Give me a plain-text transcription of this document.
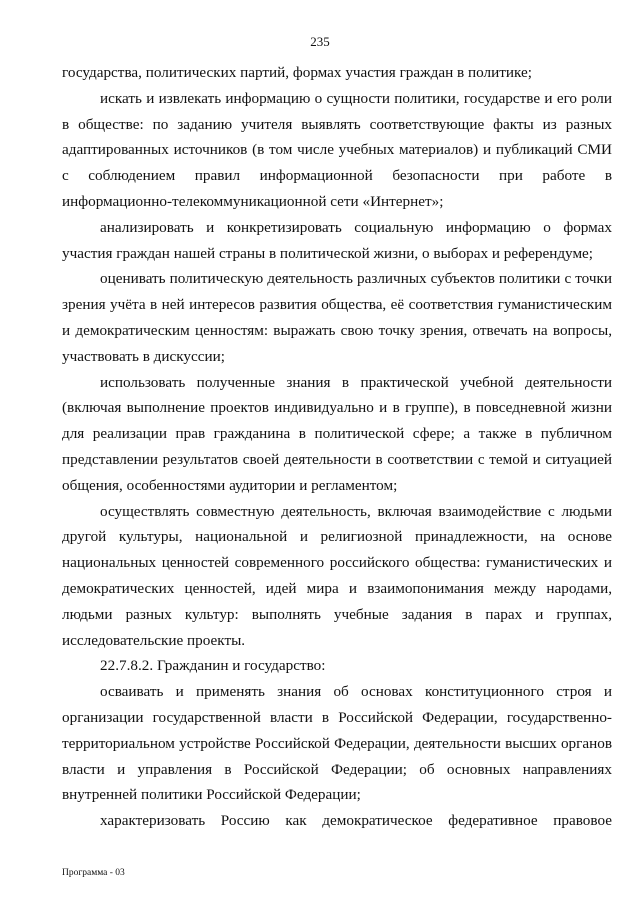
235

государства, политических партий, формах участия граждан в политике;

искать и извлекать информацию о сущности политики, государстве и его роли в обществе: по заданию учителя выявлять соответствующие факты из разных адаптированных источников (в том числе учебных материалов) и публикаций СМИ с соблюдением правил информационной безопасности при работе в информационно-телекоммуникационной сети «Интернет»;

анализировать и конкретизировать социальную информацию о формах участия граждан нашей страны в политической жизни, о выборах и референдуме;

оценивать политическую деятельность различных субъектов политики с точки зрения учёта в ней интересов развития общества, её соответствия гуманистическим и демократическим ценностям: выражать свою точку зрения, отвечать на вопросы, участвовать в дискуссии;

использовать полученные знания в практической учебной деятельности (включая выполнение проектов индивидуально и в группе), в повседневной жизни для реализации прав гражданина в политической сфере; а также в публичном представлении результатов своей деятельности в соответствии с темой и ситуацией общения, особенностями аудитории и регламентом;

осуществлять совместную деятельность, включая взаимодействие с людьми другой культуры, национальной и религиозной принадлежности, на основе национальных ценностей современного российского общества: гуманистических и демократических ценностей, идей мира и взаимопонимания между народами, людьми разных культур: выполнять учебные задания в парах и группах, исследовательские проекты.

22.7.8.2. Гражданин и государство:

осваивать и применять знания об основах конституционного строя и организации государственной власти в Российской Федерации, государственно-территориальном устройстве Российской Федерации, деятельности высших органов власти и управления в Российской Федерации; об основных направлениях внутренней политики Российской Федерации;

характеризовать Россию как демократическое федеративное правовое

Программа - 03
